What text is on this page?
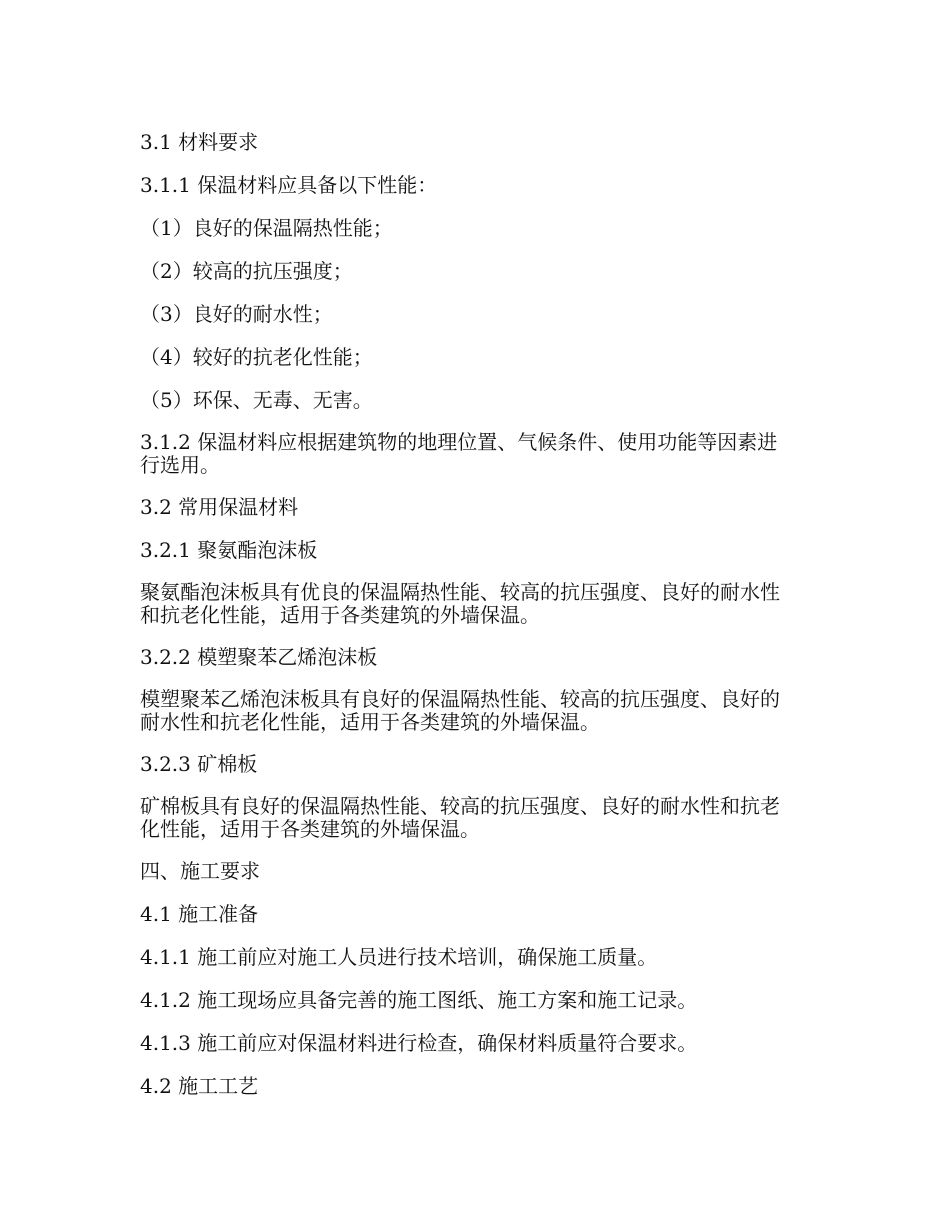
3.1 材料要求

3.1.1 保温材料应具备以下性能：

（1）良好的保温隔热性能；

（2）较高的抗压强度；

（3）良好的耐水性；

（4）较好的抗老化性能；

（5）环保、无毒、无害。

3.1.2 保温材料应根据建筑物的地理位置、气候条件、使用功能等因素进行选用。

3.2 常用保温材料

3.2.1 聚氨酯泡沫板

聚氨酯泡沫板具有优良的保温隔热性能、较高的抗压强度、良好的耐水性和抗老化性能，适用于各类建筑的外墙保温。

3.2.2 模塑聚苯乙烯泡沫板

模塑聚苯乙烯泡沫板具有良好的保温隔热性能、较高的抗压强度、良好的耐水性和抗老化性能，适用于各类建筑的外墙保温。

3.2.3 矿棉板

矿棉板具有良好的保温隔热性能、较高的抗压强度、良好的耐水性和抗老化性能，适用于各类建筑的外墙保温。

四、施工要求

4.1 施工准备

4.1.1 施工前应对施工人员进行技术培训，确保施工质量。

4.1.2 施工现场应具备完善的施工图纸、施工方案和施工记录。

4.1.3 施工前应对保温材料进行检查，确保材料质量符合要求。

4.2 施工工艺
